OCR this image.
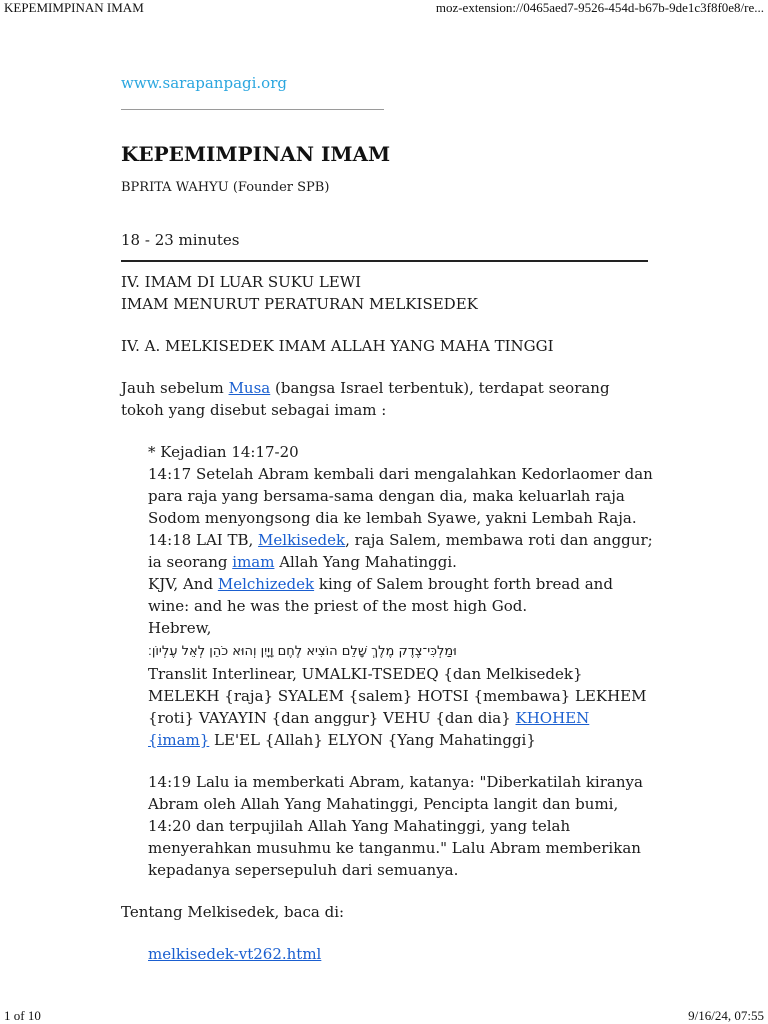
KEPEMIMPINAN IMAM	moz-extension://0465aed7-9526-454d-b67b-9de1c3f8f0e8/re...
www.sarapanpagi.org
KEPEMIMPINAN IMAM
BPRITA WAHYU (Founder SPB)
18 - 23 minutes

IV. IMAM DI LUAR SUKU LEWI

IMAM MENURUT PERATURAN MELKISEDEK

IV. A. MELKISEDEK IMAM ALLAH YANG MAHA TINGGI

Jauh sebelum Musa (bangsa Israel terbentuk), terdapat seorang tokoh yang disebut sebagai imam :

* Kejadian 14:17-20

14:17 Setelah Abram kembali dari mengalahkan Kedorlaomer dan para raja yang bersama-sama dengan dia, maka keluarlah raja Sodom menyongsong dia ke lembah Syawe, yakni Lembah Raja.

14:18 LAI TB, Melkisedek, raja Salem, membawa roti dan anggur; ia seorang imam Allah Yang Mahatinggi.

KJV, And Melchizedek king of Salem brought forth bread and wine: and he was the priest of the most high God.

Hebrew,

וּמַלְכִּי־צֶדֶק מֶלֶךְ שָׁלֵם הוֹצִיא לֶחֶם וָיָיִן וְהוּא כֹהֵן לְאֵל עֶלְיוֹן׃

Translit Interlinear, UMALKI-TSEDEQ {dan Melkisedek} MELEKH {raja} SYALEM {salem} HOTSI {membawa} LEKHEM {roti} VAYAYIN {dan anggur} VEHU {dan dia} KHOHEN {imam} LE'EL {Allah} ELYON {Yang Mahatinggi}

14:19 Lalu ia memberkati Abram, katanya: "Diberkatilah kiranya Abram oleh Allah Yang Mahatinggi, Pencipta langit dan bumi,

14:20 dan terpujilah Allah Yang Mahatinggi, yang telah menyerahkan musuhmu ke tanganmu." Lalu Abram memberikan kepadanya sepersepuluh dari semuanya.

Tentang Melkisedek, baca di:

melkisedek-vt262.html

1 of 10	9/16/24, 07:55
